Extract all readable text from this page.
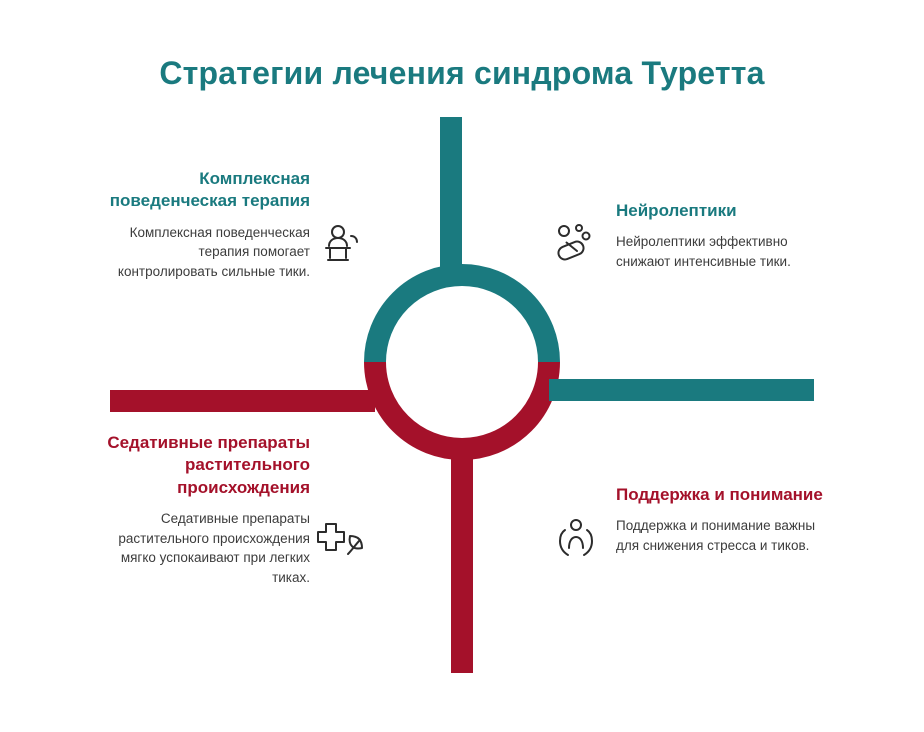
Стратегии лечения синдрома Туретта
Комплексная поведенческая терапия
Комплексная поведенческая терапия помогает контролировать сильные тики.
Нейролептики
Нейролептики эффективно снижают интенсивные тики.
Седативные препараты растительного происхождения
Седативные препараты растительного происхождения мягко успокаивают при легких тиках.
Поддержка и понимание
Поддержка и понимание важны для снижения стресса и тиков.
